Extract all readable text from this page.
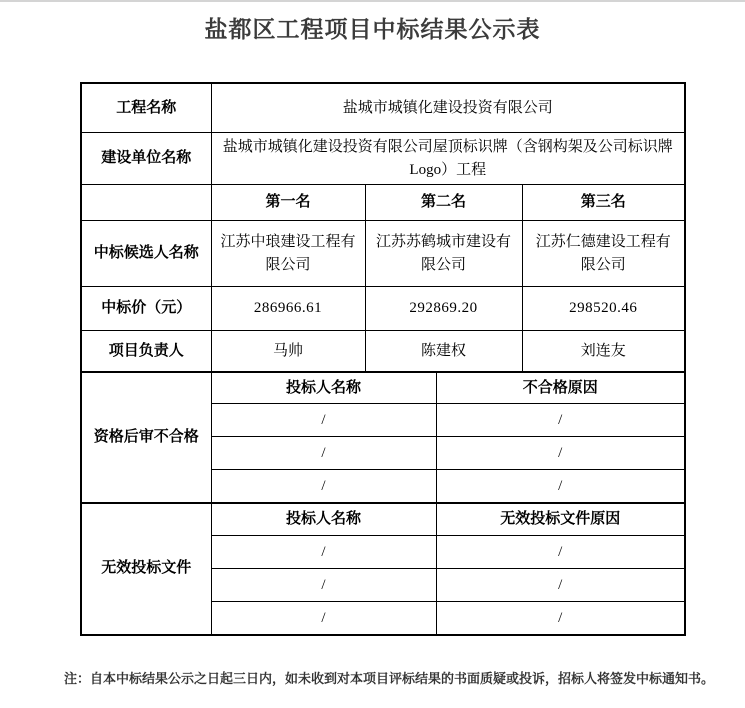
盐都区工程项目中标结果公示表
工程名称	盐城市城镇化建设投资有限公司			
建设单位名称	盐城市城镇化建设投资有限公司屋顶标识牌（含钢构架及公司标识牌 Logo）工程			
	第一名	第二名		第三名
中标候选人名称	江苏中琅建设工程有限公司	江苏苏鹤城市建设有限公司		江苏仁德建设工程有限公司
中标价（元）	286966.61	292869.20		298520.46
项目负责人	马帅	陈建权		刘连友
资格后审不合格	投标人名称		不合格原因	
	/		/	
	/		/	
	/		/	
无效投标文件	投标人名称		无效投标文件原因	
	/		/	
	/		/	
	/		/	
注：自本中标结果公示之日起三日内，如未收到对本项目评标结果的书面质疑或投诉，招标人将签发中标通知书。
